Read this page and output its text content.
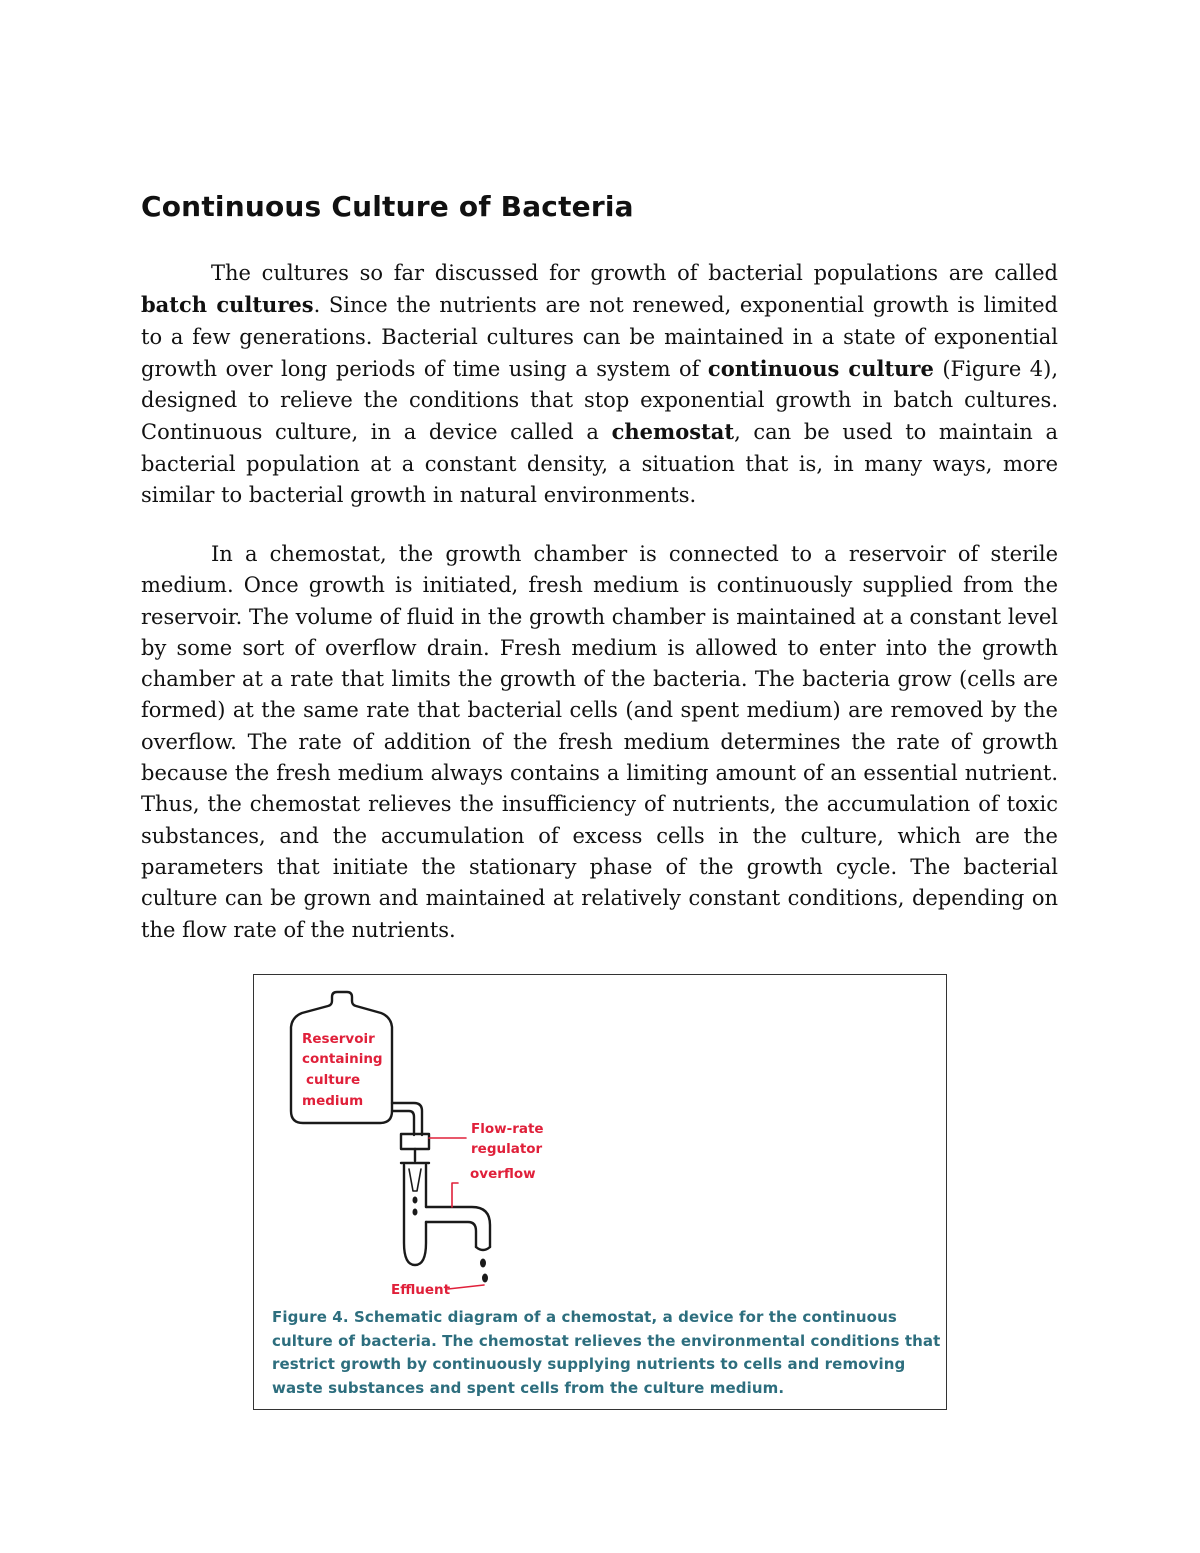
Continuous Culture of Bacteria

The cultures so far discussed for growth of bacterial populations are called batch cultures. Since the nutrients are not renewed, exponential growth is limited to a few generations. Bacterial cultures can be maintained in a state of exponential growth over long periods of time using a system of continuous culture (Figure 4), designed to relieve the conditions that stop exponential growth in batch cultures. Continuous culture, in a device called a chemostat, can be used to maintain a bacterial population at a constant density, a situation that is, in many ways, more similar to bacterial growth in natural environments.

In a chemostat, the growth chamber is connected to a reservoir of sterile medium. Once growth is initiated, fresh medium is continuously supplied from the reservoir. The volume of fluid in the growth chamber is maintained at a constant level by some sort of overflow drain. Fresh medium is allowed to enter into the growth chamber at a rate that limits the growth of the bacteria. The bacteria grow (cells are formed) at the same rate that bacterial cells (and spent medium) are removed by the overflow. The rate of addition of the fresh medium determines the rate of growth because the fresh medium always contains a limiting amount of an essential nutrient. Thus, the chemostat relieves the insufficiency of nutrients, the accumulation of toxic substances, and the accumulation of excess cells in the culture, which are the parameters that initiate the stationary phase of the growth cycle. The bacterial culture can be grown and maintained at relatively constant conditions, depending on the flow rate of the nutrients.

Reservoir

containing

culture

medium

Flow-rate

regulator

overflow

Effluent

Figure 4. Schematic diagram of a chemostat, a device for the continuous culture of bacteria. The chemostat relieves the environmental conditions that restrict growth by continuously supplying nutrients to cells and removing waste substances and spent cells from the culture medium.
